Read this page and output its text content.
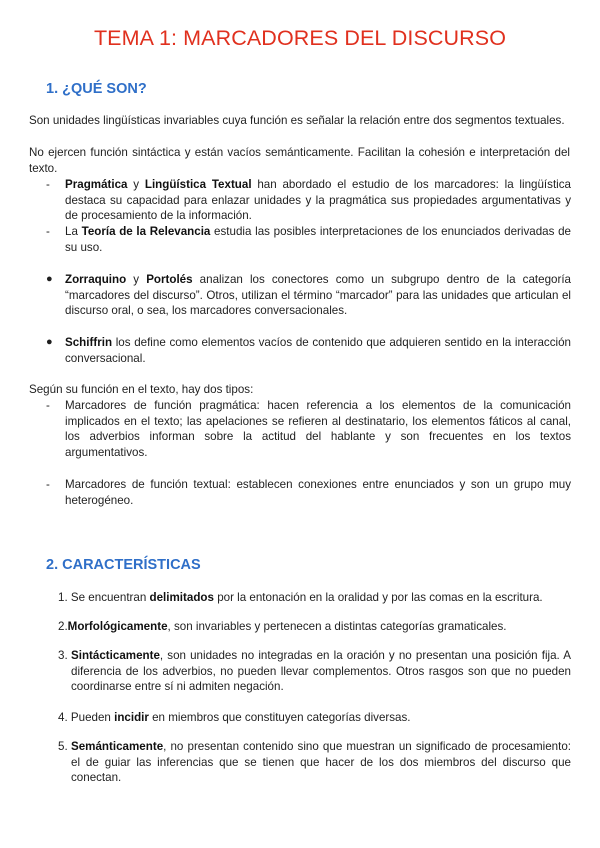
TEMA 1: MARCADORES DEL DISCURSO
1. ¿QUÉ SON?
Son unidades lingüísticas invariables cuya función es señalar la relación entre dos segmentos textuales.
No ejercen función sintáctica y están vacíos semánticamente. Facilitan la cohesión e interpretación del texto.
- Pragmática y Lingüística Textual han abordado el estudio de los marcadores: la lingüística destaca su capacidad para enlazar unidades y la pragmática sus propiedades argumentativas y de procesamiento de la información.
- La Teoría de la Relevancia estudia las posibles interpretaciones de los enunciados derivadas de su uso.
● Zorraquino y Portolés analizan los conectores como un subgrupo dentro de la categoría “marcadores del discurso”. Otros, utilizan el término “marcador” para las unidades que articulan el discurso oral, o sea, los marcadores conversacionales.
● Schiffrin los define como elementos vacíos de contenido que adquieren sentido en la interacción conversacional.
Según su función en el texto, hay dos tipos:
- Marcadores de función pragmática: hacen referencia a los elementos de la comunicación implicados en el texto; las apelaciones se refieren al destinatario, los elementos fáticos al canal, los adverbios informan sobre la actitud del hablante y son frecuentes en los textos argumentativos.
- Marcadores de función textual: establecen conexiones entre enunciados y son un grupo muy heterogéneo.
2. CARACTERÍSTICAS
1. Se encuentran delimitados por la entonación en la oralidad y por las comas en la escritura.
2.Morfológicamente, son invariables y pertenecen a distintas categorías gramaticales.
3. Sintácticamente, son unidades no integradas en la oración y no presentan una posición fija. A diferencia de los adverbios, no pueden llevar complementos. Otros rasgos son que no pueden coordinarse entre sí ni admiten negación.
4. Pueden incidir en miembros que constituyen categorías diversas.
5. Semánticamente, no presentan contenido sino que muestran un significado de procesamiento: el de guiar las inferencias que se tienen que hacer de los dos miembros del discurso que conectan.
